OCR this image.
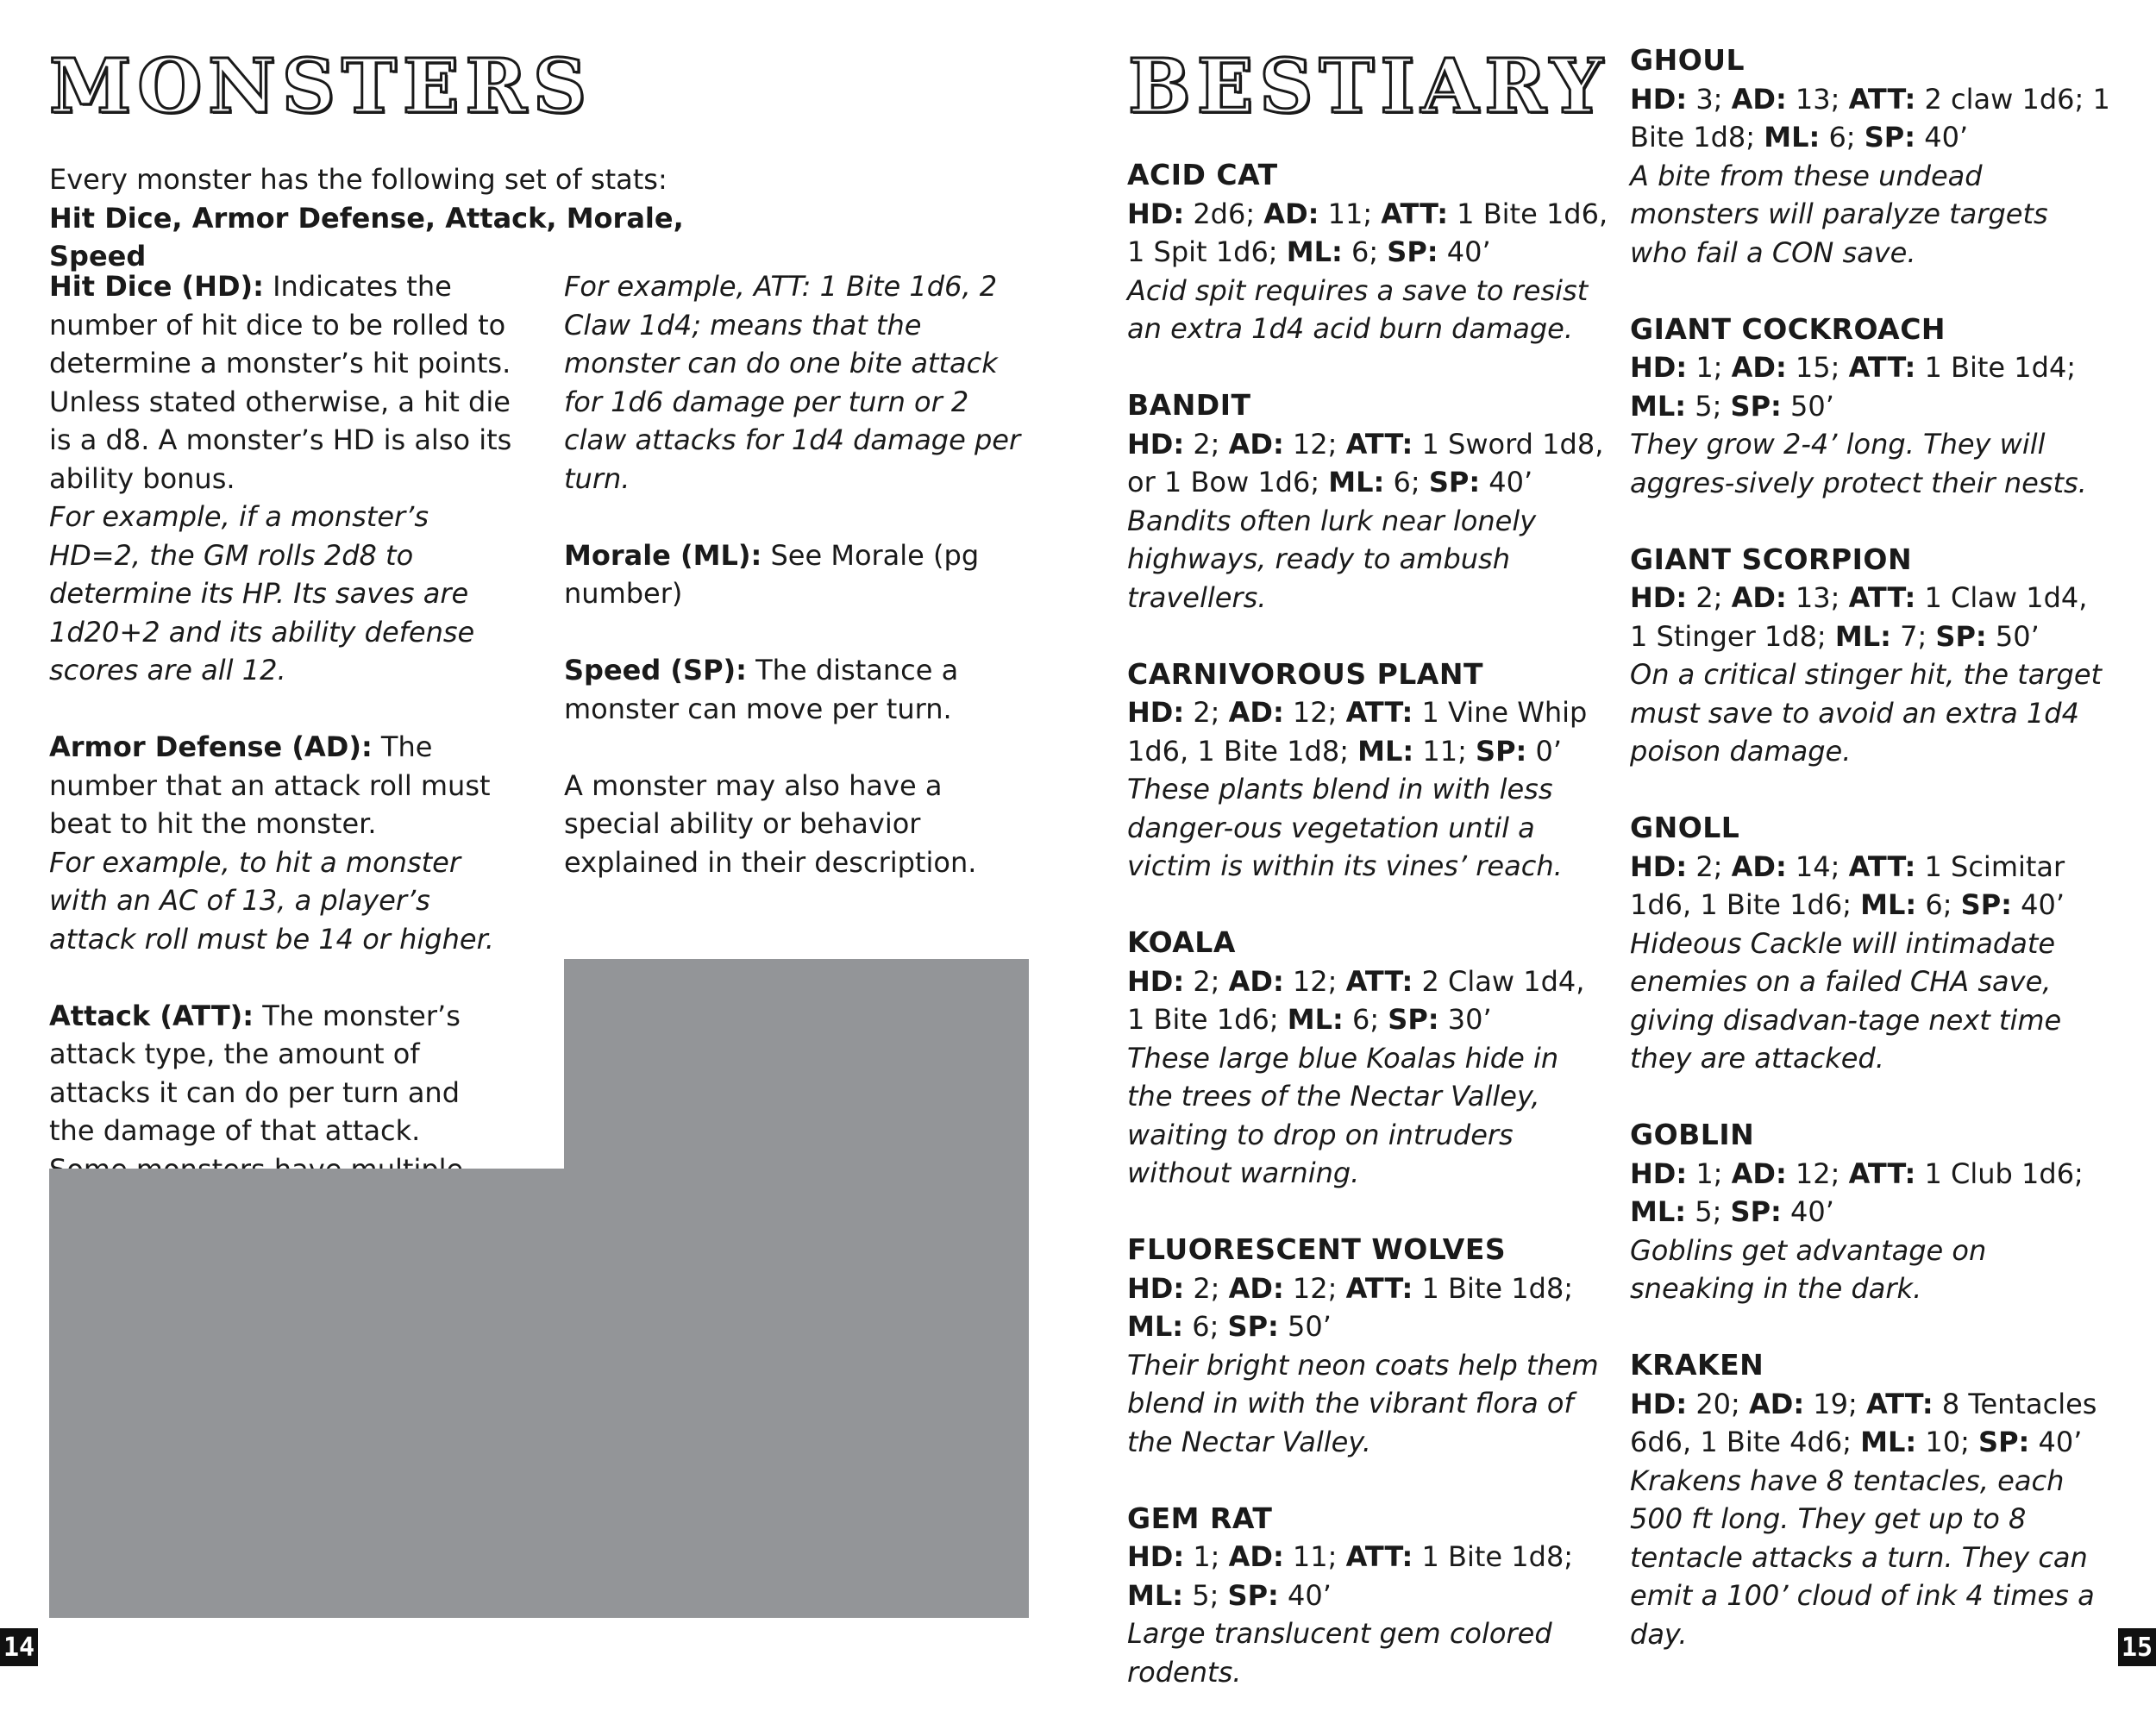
MONSTERS

Every monster has the following set of stats:

Hit Dice, Armor Defense, Attack, Morale, Speed

Hit Dice (HD): Indicates the number of hit dice to be rolled to determine a monster’s hit points. Unless stated otherwise, a hit die is a d8. A monster’s HD is also its ability bonus.

For example, if a monster’s HD=2, the GM rolls 2d8 to determine its HP. Its saves are 1d20+2 and its ability defense scores are all 12.

Armor Defense (AD): The number that an attack roll must beat to hit the monster.

For example, to hit a monster with an AC of 13, a player’s attack roll must be 14 or higher.

Attack (ATT): The monster’s attack type, the amount of attacks it can do per turn and the damage of that attack.

For example, ATT: 1 Bite 1d6, 2 Claw 1d4; means that the monster can do one bite attack for 1d6 damage per turn or 2 claw attacks for 1d4 damage per turn.

Morale (ML): See Morale (pg number)

Speed (SP): The distance a monster can move per turn.

A monster may also have a special ability or behavior explained in their description.

14
BESTIARY
ACID CAT
HD: 2d6; AD: 11; ATT: 1 Bite 1d6, 1 Spit 1d6; ML: 6; SP: 40’
Acid spit requires a save to resist an extra 1d4 acid burn damage.
BANDIT
HD: 2; AD: 12; ATT: 1 Sword 1d8, or 1 Bow 1d6; ML: 6; SP: 40’
Bandits often lurk near lonely highways, ready to ambush travellers.
CARNIVOROUS PLANT
HD: 2; AD: 12; ATT: 1 Vine Whip 1d6, 1 Bite 1d8; ML: 11; SP: 0’
These plants blend in with less danger-ous vegetation until a victim is within its vines’ reach.
KOALA
HD: 2; AD: 12; ATT: 2 Claw 1d4, 1 Bite 1d6; ML: 6; SP: 30’
These large blue Koalas hide in the trees of the Nectar Valley, waiting to drop on intruders without warning.
FLUORESCENT WOLVES
HD: 2; AD: 12; ATT: 1 Bite 1d8; ML: 6; SP: 50’
Their bright neon coats help them blend in with the vibrant flora of the Nectar Valley.
GEM RAT
HD: 1; AD: 11; ATT: 1 Bite 1d8; ML: 5; SP: 40’
Large translucent gem colored rodents.
GHOUL
HD: 3; AD: 13; ATT: 2 claw 1d6; 1 Bite 1d8; ML: 6; SP: 40’
A bite from these undead monsters will paralyze targets who fail a CON save.
GIANT COCKROACH
HD: 1; AD: 15; ATT: 1 Bite 1d4; ML: 5; SP: 50’
They grow 2-4’ long. They will aggres-sively protect their nests.
GIANT SCORPION
HD: 2; AD: 13; ATT: 1 Claw 1d4, 1 Stinger 1d8; ML: 7; SP: 50’
On a critical stinger hit, the target must save to avoid an extra 1d4 poison damage.
GNOLL
HD: 2; AD: 14; ATT: 1 Scimitar 1d6, 1 Bite 1d6; ML: 6; SP: 40’
Hideous Cackle will intimadate enemies on a failed CHA save, giving disadvan-tage next time they are attacked.
GOBLIN
HD: 1; AD: 12; ATT: 1 Club 1d6; ML: 5; SP: 40’
Goblins get advantage on sneaking in the dark.
KRAKEN
HD: 20; AD: 19; ATT: 8 Tentacles 6d6, 1 Bite 4d6; ML: 10; SP: 40’
Krakens have 8 tentacles, each 500 ft long. They get up to 8 tentacle attacks a turn. They can emit a 100’ cloud of ink 4 times a day.	15
